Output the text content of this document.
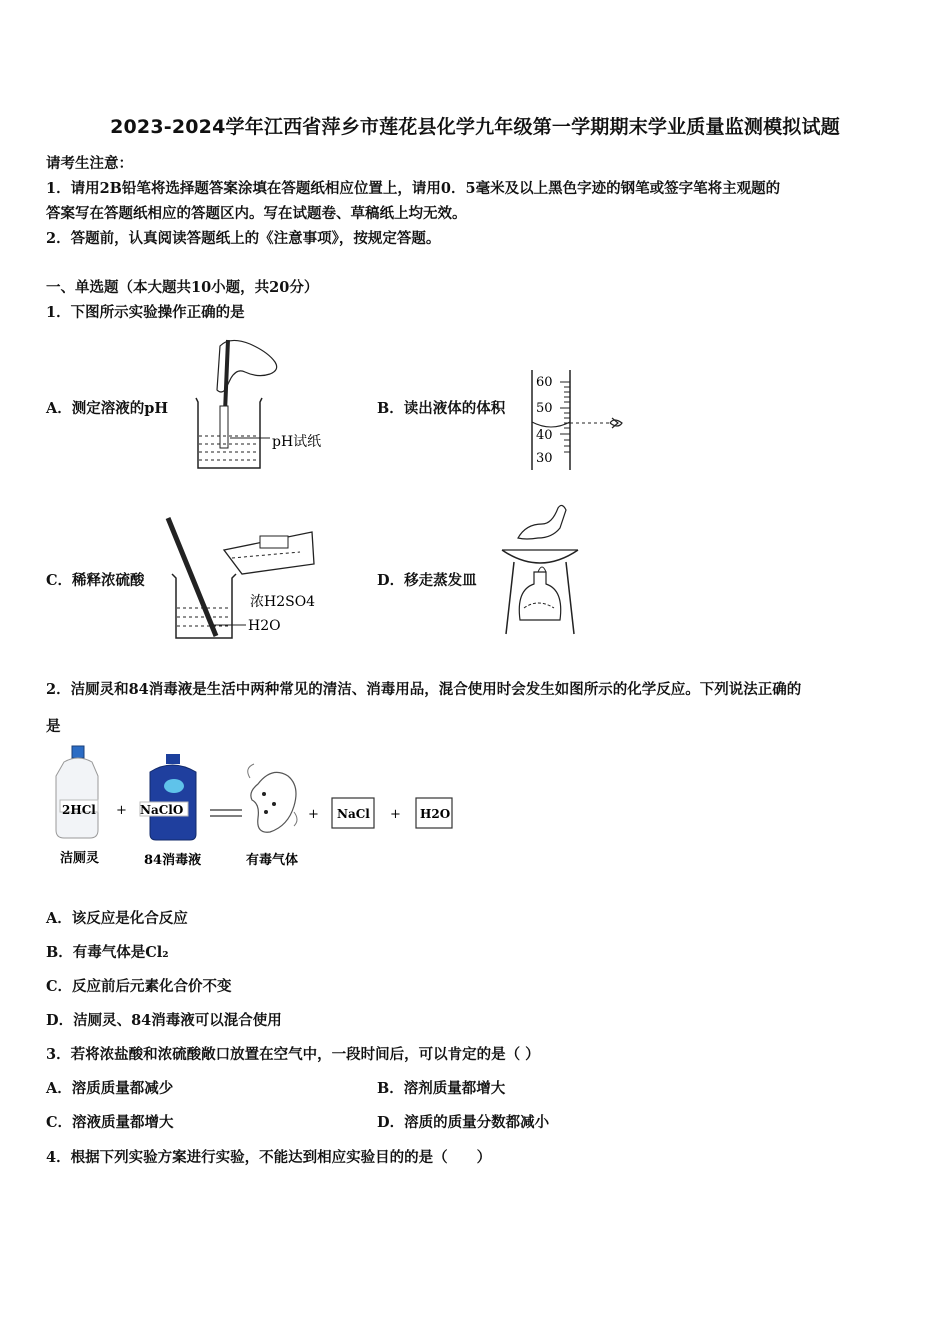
2023-2024学年江西省萍乡市莲花县化学九年级第一学期期末学业质量监测模拟试题
请考生注意：
1．请用2B铅笔将选择题答案涂填在答题纸相应位置上，请用0．5毫米及以上黑色字迹的钢笔或签字笔将主观题的
答案写在答题纸相应的答题区内。写在试题卷、草稿纸上均无效。
2．答题前，认真阅读答题纸上的《注意事项》，按规定答题。
一、单选题（本大题共10小题，共20分）
1．下图所示实验操作正确的是
A．测定溶液的pH
pH试纸
B．读出液体的体积
60
50
40
30
C．稀释浓硫酸
浓H2SO4
H2O
D．移走蒸发皿
2．洁厕灵和84消毒液是生活中两种常见的清洁、消毒用品，混合使用时会发生如图所示的化学反应。下列说法正确的
是
2HCl
洁厕灵
+ NaClO
84消毒液	有毒气体
+ NaCl + H2O
A．该反应是化合反应
B．有毒气体是Cl₂
C．反应前后元素化合价不变
D．洁厕灵、84消毒液可以混合使用
3．若将浓盐酸和浓硫酸敞口放置在空气中，一段时间后，可以肯定的是（ ）
A．溶质质量都减少	B．溶剂质量都增大
C．溶液质量都增大	D．溶质的质量分数都减小
4．根据下列实验方案进行实验，不能达到相应实验目的的是（　　）
